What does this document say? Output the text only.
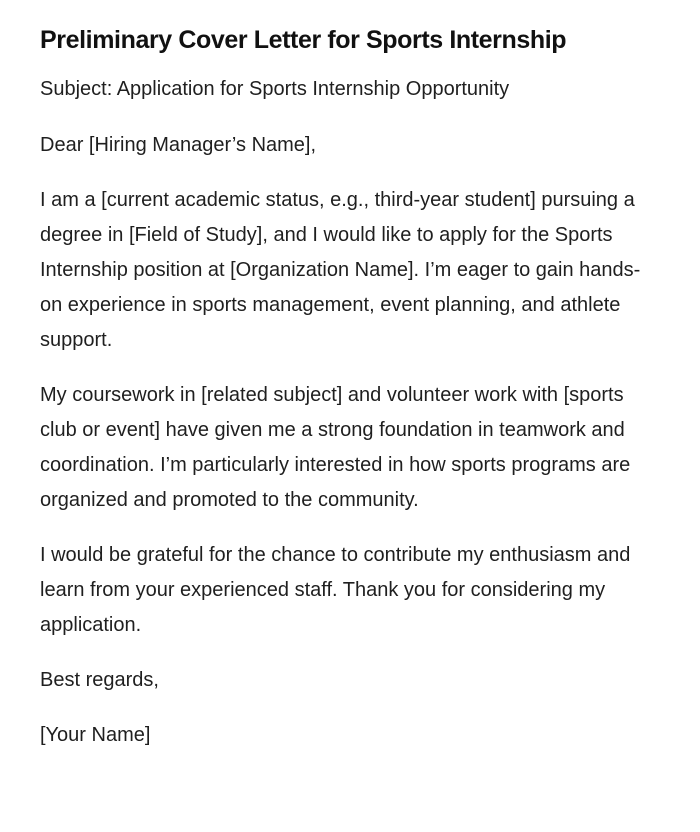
Preliminary Cover Letter for Sports Internship

Subject: Application for Sports Internship Opportunity

Dear [Hiring Manager’s Name],

I am a [current academic status, e.g., third-year student] pursuing a degree in [Field of Study], and I would like to apply for the Sports Internship position at [Organization Name]. I’m eager to gain hands-on experience in sports management, event planning, and athlete support.

My coursework in [related subject] and volunteer work with [sports club or event] have given me a strong foundation in teamwork and coordination. I’m particularly interested in how sports programs are organized and promoted to the community.

I would be grateful for the chance to contribute my enthusiasm and learn from your experienced staff. Thank you for considering my application.

Best regards,

[Your Name]
